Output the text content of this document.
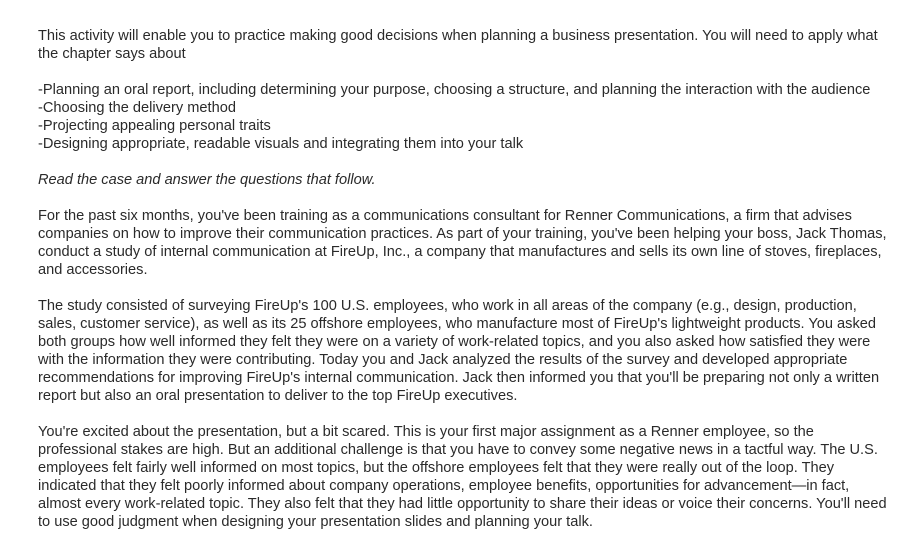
This activity will enable you to practice making good decisions when planning a business presentation. You will need to apply what the chapter says about

-Planning an oral report, including determining your purpose, choosing a structure, and planning the interaction with the audience
-Choosing the delivery method
-Projecting appealing personal traits
-Designing appropriate, readable visuals and integrating them into your talk

Read the case and answer the questions that follow.

For the past six months, you've been training as a communications consultant for Renner Communications, a firm that advises companies on how to improve their communication practices. As part of your training, you've been helping your boss, Jack Thomas, conduct a study of internal communication at FireUp, Inc., a company that manufactures and sells its own line of stoves, fireplaces, and accessories.

The study consisted of surveying FireUp's 100 U.S. employees, who work in all areas of the company (e.g., design, production, sales, customer service), as well as its 25 offshore employees, who manufacture most of FireUp's lightweight products. You asked both groups how well informed they felt they were on a variety of work-related topics, and you also asked how satisfied they were with the information they were contributing. Today you and Jack analyzed the results of the survey and developed appropriate recommendations for improving FireUp's internal communication. Jack then informed you that you'll be preparing not only a written report but also an oral presentation to deliver to the top FireUp executives.

You're excited about the presentation, but a bit scared. This is your first major assignment as a Renner employee, so the professional stakes are high. But an additional challenge is that you have to convey some negative news in a tactful way. The U.S. employees felt fairly well informed on most topics, but the offshore employees felt that they were really out of the loop. They indicated that they felt poorly informed about company operations, employee benefits, opportunities for advancement—in fact, almost every work-related topic. They also felt that they had little opportunity to share their ideas or voice their concerns. You'll need to use good judgment when designing your presentation slides and planning your talk.
